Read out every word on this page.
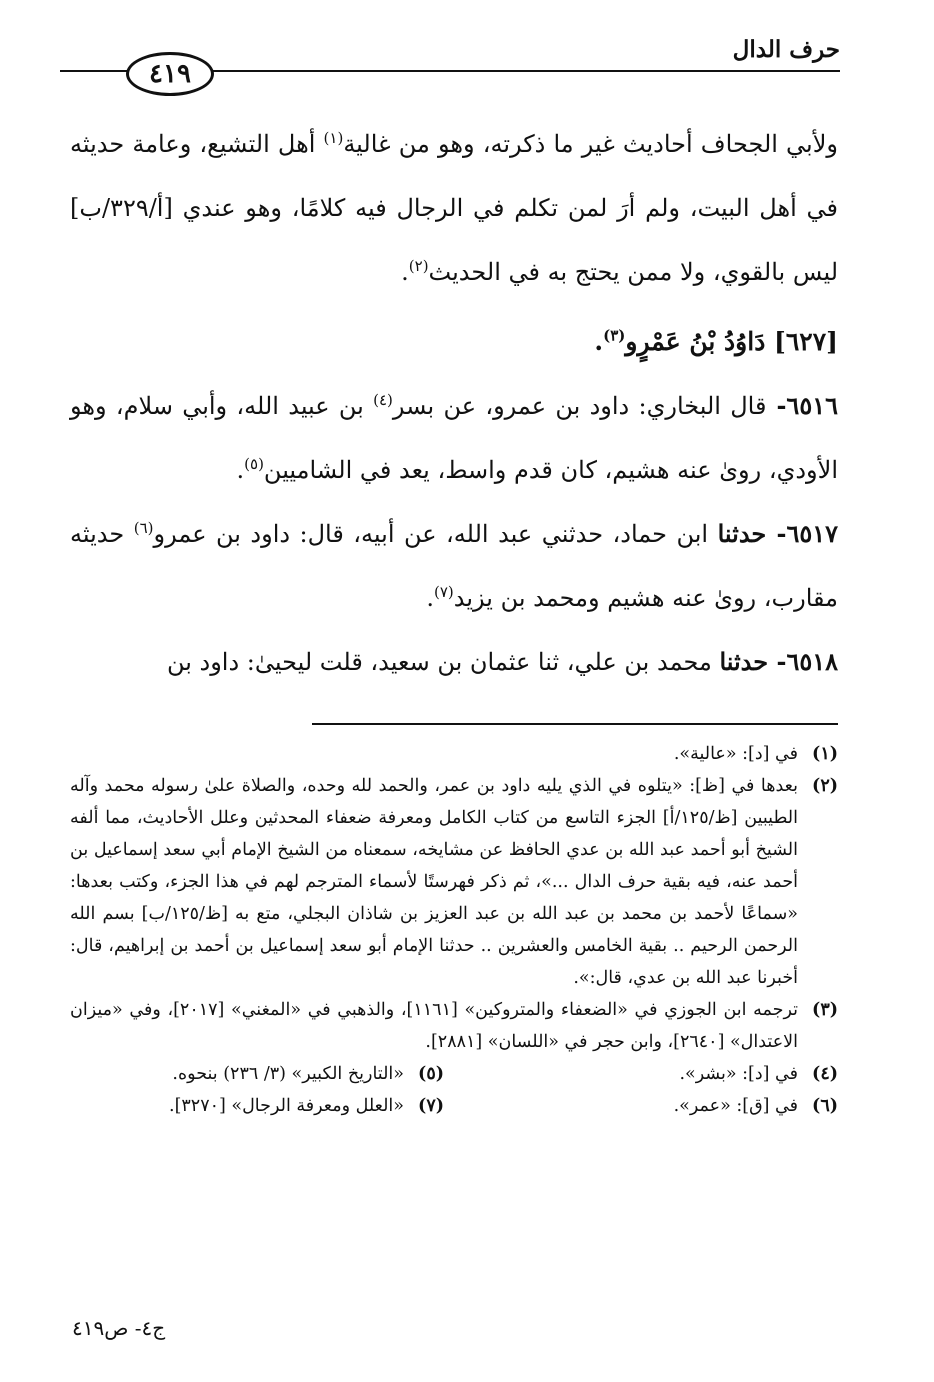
حرف الدال
٤١٩

ولأبي الجحاف أحاديث غير ما ذكرته، وهو من غالية$^{(١)}$ أهل التشيع، وعامة حديثه في أهل البيت، ولم أرَ لمن تكلم في الرجال فيه كلامًا، وهو عندي [أ/٣٢٩/ب] ليس بالقوي، ولا ممن يحتج به في الحديث$^{(٢)}$.

[٦٢٧] دَاوُدُ بْنُ عَمْرٍو$^{(٣)}$.

٦٥١٦- قال البخاري: داود بن عمرو، عن بسر$^{(٤)}$ بن عبيد الله، وأبي سلام، وهو الأودي، روىٰ عنه هشيم، كان قدم واسط، يعد في الشاميين$^{(٥)}$.

٦٥١٧- حدثنا ابن حماد، حدثني عبد الله، عن أبيه، قال: داود بن عمرو$^{(٦)}$ حديثه مقارب، روىٰ عنه هشيم ومحمد بن يزيد$^{(٧)}$.

٦٥١٨- حدثنا محمد بن علي، ثنا عثمان بن سعيد، قلت ليحيىٰ: داود بن

(١)
في [د]: «عالية».
(٢)
بعدها في [ظ]: «يتلوه في الذي يليه داود بن عمر، والحمد لله وحده، والصلاة علىٰ رسوله محمد وآله الطيبين [ظ/١٢٥/أ] الجزء التاسع من كتاب الكامل ومعرفة ضعفاء المحدثين وعلل الأحاديث، مما ألفه الشيخ أبو أحمد عبد الله بن عدي الحافظ عن مشايخه، سمعناه من الشيخ الإمام أبي سعد إسماعيل بن أحمد عنه، فيه بقية حرف الدال ...»، ثم ذكر فهرستًا لأسماء المترجم لهم في هذا الجزء، وكتب بعدها: «سماعًا لأحمد بن محمد بن عبد الله بن عبد العزيز بن شاذان البجلي، متع به [ظ/١٢٥/ب] بسم الله الرحمن الرحيم .. بقية الخامس والعشرين .. حدثنا الإمام أبو سعد إسماعيل بن أحمد بن إبراهيم، قال: أخبرنا عبد الله بن عدي، قال:».
(٣)
ترجمه ابن الجوزي في «الضعفاء والمتروكين» [١١٦١]، والذهبي في «المغني» [٢٠١٧]، وفي «ميزان الاعتدال» [٢٦٤٠]، وابن حجر في «اللسان» [٢٨٨١].
(٤)
في [د]: «بشر».
(٥)
«التاريخ الكبير» (٣/ ٢٣٦) بنحوه.
(٦)
في [ق]: «عمر».
(٧)
«العلل ومعرفة الرجال» [٣٢٧٠].
ج٤- ص٤١٩
